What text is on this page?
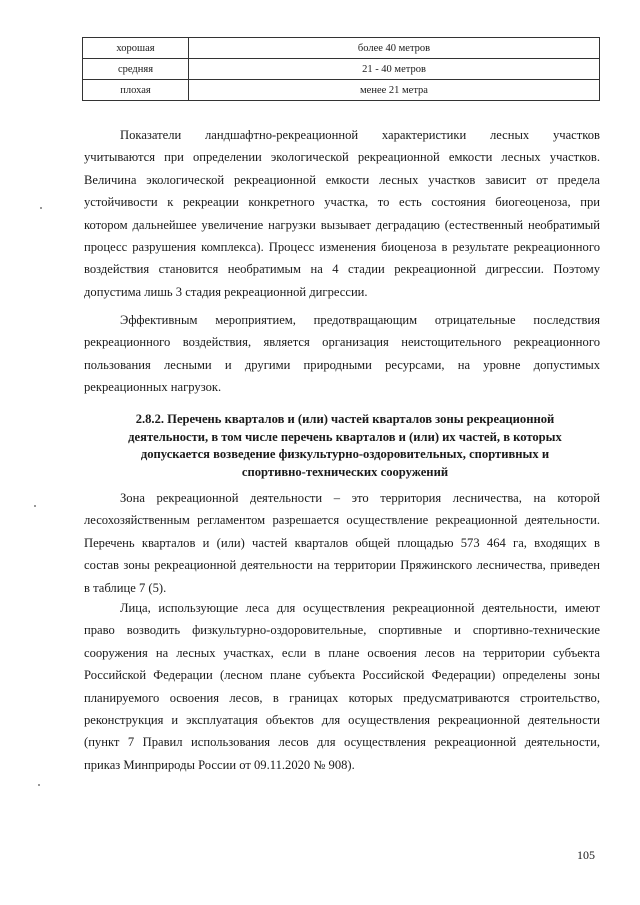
хорошая	более 40 метров
средняя	21 - 40 метров
плохая	менее 21 метра

Показатели ландшафтно-рекреационной характеристики лесных участков
учитываются при определении экологической рекреационной емкости лесных участков.
Величина экологической рекреационной емкости лесных участков зависит от предела
устойчивости к рекреации конкретного участка, то есть состояния биогеоценоза, при
котором дальнейшее увеличение нагрузки вызывает деградацию (естественный необратимый
процесс разрушения комплекса). Процесс изменения биоценоза в результате рекреационного
воздействия становится необратимым на 4 стадии рекреационной дигрессии. Поэтому
допустима лишь 3 стадия рекреационной дигрессии.

Эффективным мероприятием, предотвращающим отрицательные последствия
рекреационного воздействия, является организация неистощительного рекреационного
пользования лесными и другими природными ресурсами, на уровне допустимых
рекреационных нагрузок.

2.8.2. Перечень кварталов и (или) частей кварталов зоны рекреационной
деятельности, в том числе перечень кварталов и (или) их частей, в которых
допускается возведение физкультурно-оздоровительных, спортивных и
спортивно-технических сооружений

Зона рекреационной деятельности – это территория лесничества, на которой
лесохозяйственным регламентом разрешается осуществление рекреационной деятельности.
Перечень кварталов и (или) частей кварталов общей площадью 573 464 га, входящих в
состав зоны рекреационной деятельности на территории Пряжинского лесничества, приведен
в таблице 7 (5).

Лица, использующие леса для осуществления рекреационной деятельности, имеют
право возводить физкультурно-оздоровительные, спортивные и спортивно-технические
сооружения на лесных участках, если в плане освоения лесов на территории субъекта
Российской Федерации (лесном плане субъекта Российской Федерации) определены зоны
планируемого освоения лесов, в границах которых предусматриваются строительство,
реконструкция и эксплуатация объектов для осуществления рекреационной деятельности
(пункт 7 Правил использования лесов для осуществления рекреационной деятельности,
приказ Минприроды России от 09.11.2020 № 908).

105
